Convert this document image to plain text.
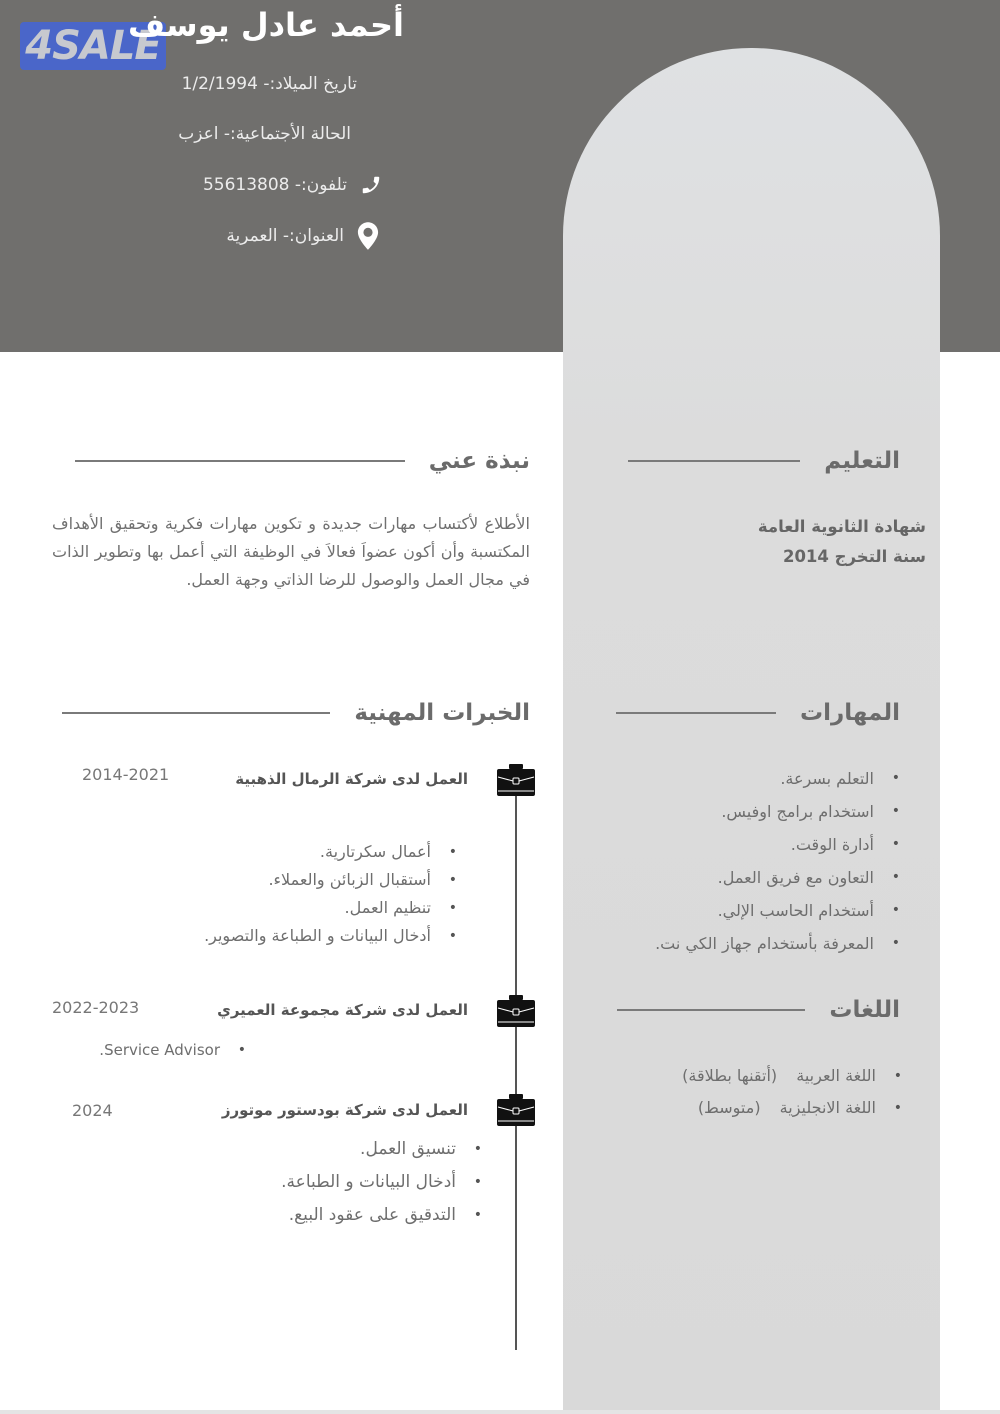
4SALE
أحمد عادل يوسف
تاريخ الميلاد:- 1/2/1994
الحالة الأجتماعية:- اعزب
تلفون:- 55613808
العنوان:- العمرية
نبذة عني

الأطلاع لأكتساب مهارات جديدة و تكوين مهارات فكرية وتحقيق الأهداف المكتسبة وأن أكون عضواَ فعالاَ في الوظيفة التي أعمل بها وتطوير الذات في مجال العمل والوصول للرضا الذاتي وجهة العمل.

التعليم
شهادة الثانوية العامة
سنة التخرج 2014
الخبرات المهنية	المهارات
• التعلم بسرعة.
• استخدام برامج اوفيس.
• أدارة الوقت.
• التعاون مع فريق العمل.
• أستخدام الحاسب الإلي.
• المعرفة بأستخدام جهاز الكي نت.
اللغات
• اللغة العربية (أتقنها بطلاقة)
• اللغة الانجليزية (متوسط)
العمل لدى شركة الرمال الذهبية
2014-2021
• أعمال سكرتارية.
• أستقبال الزبائن والعملاء.
• تنظيم العمل.
• أدخال البيانات و الطباعة والتصوير.
العمل لدى شركة مجموعة العميري
2022-2023
• Service Advisor.
العمل لدى شركة بودستور موتورز
2024
• تنسيق العمل.
• أدخال البيانات و الطباعة.
• التدقيق على عقود البيع.
